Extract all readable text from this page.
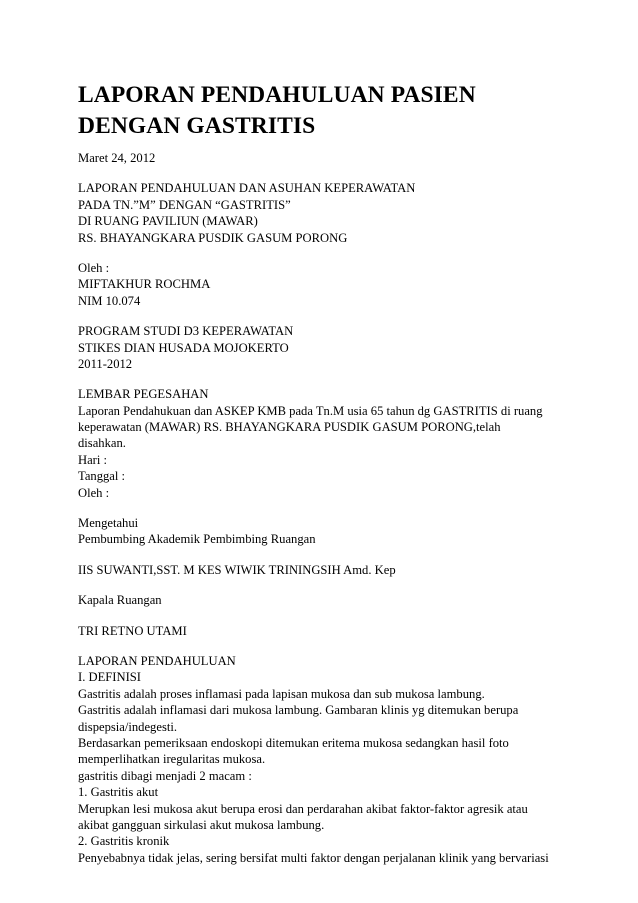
LAPORAN PENDAHULUAN PASIEN
DENGAN GASTRITIS
Maret 24, 2012
LAPORAN PENDAHULUAN DAN ASUHAN KEPERAWATAN
PADA TN.”M” DENGAN “GASTRITIS”
DI RUANG PAVILIUN (MAWAR)
RS. BHAYANGKARA PUSDIK GASUM PORONG
Oleh :
MIFTAKHUR ROCHMA
NIM 10.074
PROGRAM STUDI D3 KEPERAWATAN
STIKES DIAN HUSADA MOJOKERTO
2011-2012
LEMBAR PEGESAHAN
Laporan Pendahukuan dan ASKEP KMB pada Tn.M usia 65 tahun dg GASTRITIS di ruang
keperawatan (MAWAR) RS. BHAYANGKARA PUSDIK GASUM PORONG,telah
disahkan.
Hari :
Tanggal :
Oleh :
Mengetahui
Pembumbing Akademik Pembimbing Ruangan
IIS SUWANTI,SST. M KES WIWIK TRININGSIH Amd. Kep
Kapala Ruangan
TRI RETNO UTAMI
LAPORAN PENDAHULUAN
I. DEFINISI
Gastritis adalah proses inflamasi pada lapisan mukosa dan sub mukosa lambung.
Gastritis adalah inflamasi dari mukosa lambung. Gambaran klinis yg ditemukan berupa
dispepsia/indegesti.
Berdasarkan pemeriksaan endoskopi ditemukan eritema mukosa sedangkan hasil foto
memperlihatkan iregularitas mukosa.
gastritis dibagi menjadi 2 macam :
1. Gastritis akut
Merupkan lesi mukosa akut berupa erosi dan perdarahan akibat faktor-faktor agresik atau
akibat gangguan sirkulasi akut mukosa lambung.
2. Gastritis kronik
Penyebabnya tidak jelas, sering bersifat multi faktor dengan perjalanan klinik yang bervariasi
